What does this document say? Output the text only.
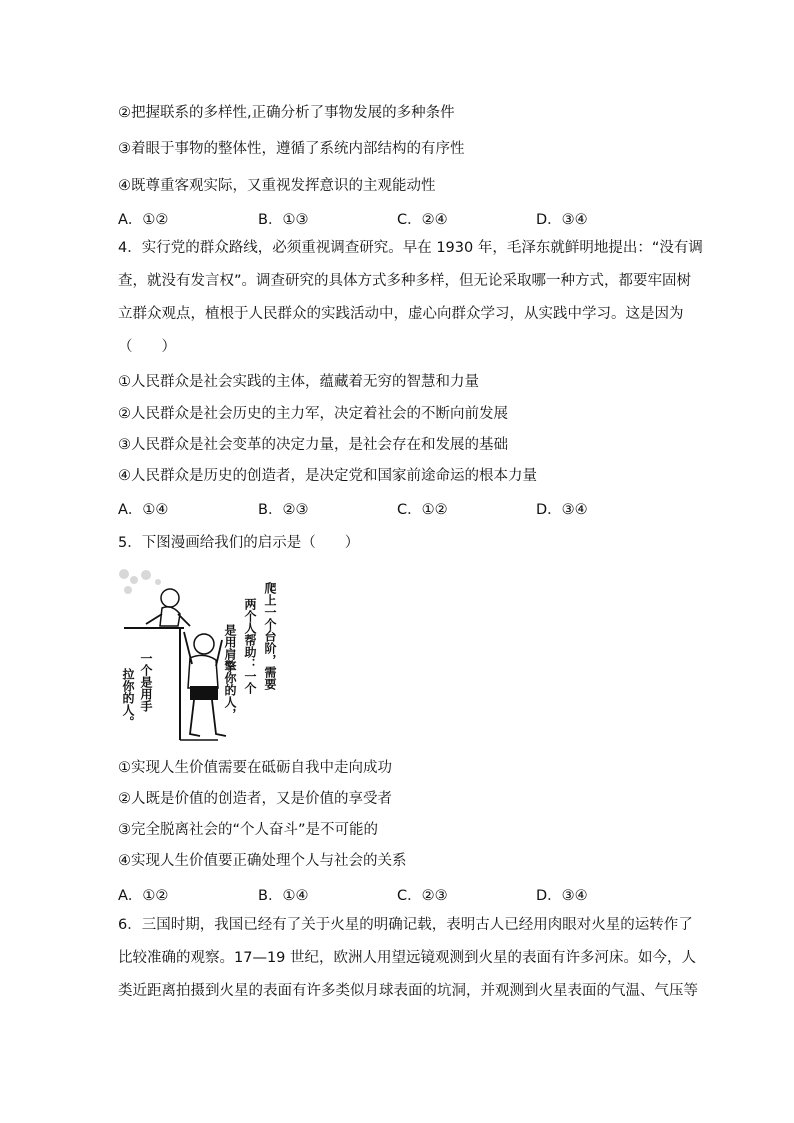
②把握联系的多样性,正确分析了事物发展的多种条件
③着眼于事物的整体性，遵循了系统内部结构的有序性
④既尊重客观实际，又重视发挥意识的主观能动性
A．①②	B．①③	C．②④	D．③④
4．实行党的群众路线，必须重视调查研究。早在 1930 年，毛泽东就鲜明地提出：“没有调
查，就没有发言权”。调查研究的具体方式多种多样，但无论采取哪一种方式，都要牢固树
立群众观点，植根于人民群众的实践活动中，虚心向群众学习，从实践中学习。这是因为
（　　）
①人民群众是社会实践的主体，蕴藏着无穷的智慧和力量
②人民群众是社会历史的主力军，决定着社会的不断向前发展
③人民群众是社会变革的决定力量，是社会存在和发展的基础
④人民群众是历史的创造者，是决定党和国家前途命运的根本力量
A．①④	B．②③	C．①②	D．③④
5．下图漫画给我们的启示是（　　）
爬上一个台阶，需要
两个人帮助：一个
是用肩擎你的人，
一个是用手
拉你的人。
①实现人生价值需要在砥砺自我中走向成功
②人既是价值的创造者，又是价值的享受者
③完全脱离社会的“个人奋斗”是不可能的
④实现人生价值要正确处理个人与社会的关系
A．①②	B．①④	C．②③	D．③④
6．三国时期，我国已经有了关于火星的明确记载，表明古人已经用肉眼对火星的运转作了
比较准确的观察。17—19 世纪，欧洲人用望远镜观测到火星的表面有许多河床。如今，人
类近距离拍摄到火星的表面有许多类似月球表面的坑洞，并观测到火星表面的气温、气压等
